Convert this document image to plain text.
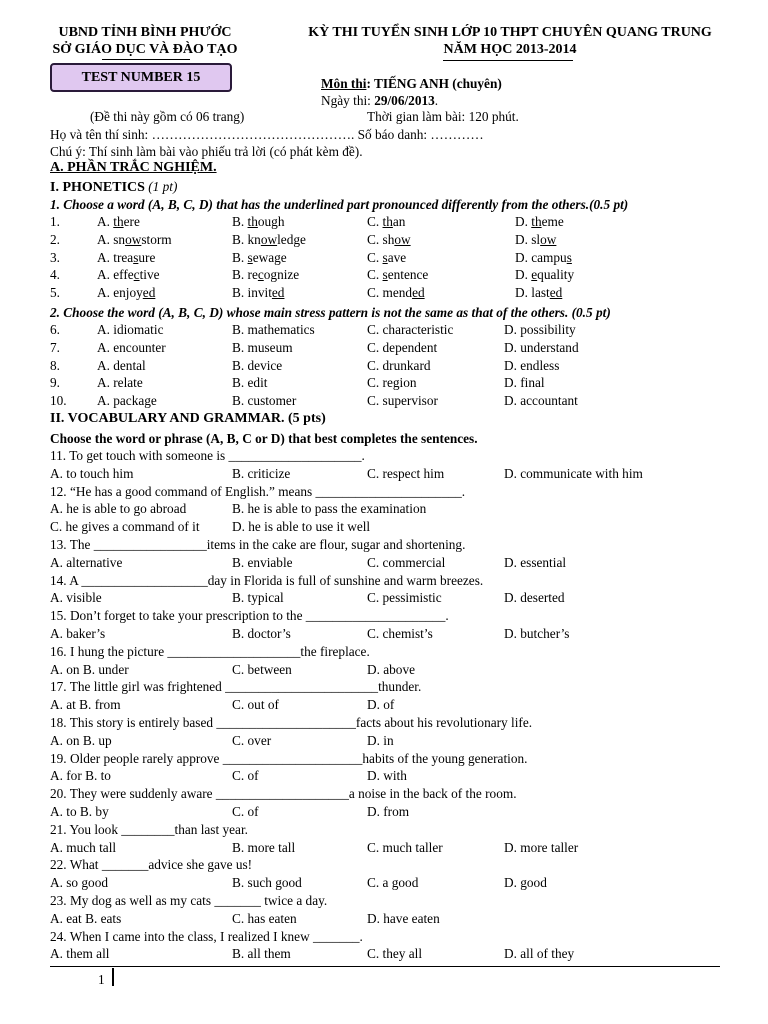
UBND TỈNH BÌNH PHƯỚC
SỞ GIÁO DỤC VÀ ĐÀO TẠO
KỲ THI TUYỂN SINH LỚP 10 THPT CHUYÊN QUANG TRUNG
NĂM HỌC 2013-2014
TEST NUMBER 15	Môn thi: TIẾNG ANH (chuyên)
Ngày thi: 29/06/2013.
(Đề thi này gồm có 06 trang)	Thời gian làm bài: 120 phút.
Họ và tên thí sinh: ………………………………………. Số báo danh: …………
Chú ý: Thí sinh làm bài vào phiếu trả lời (có phát kèm đề).
A. PHẦN TRẮC NGHIỆM.
I. PHONETICS (1 pt)
1. Choose a word (A, B, C, D) that has the underlined part pronounced differently from the others.(0.5 pt)
1.	A. there	B. though	C. than	D. theme
2.	A. snowstorm	B. knowledge	C. show	D. slow
3.	A. treasure	B. sewage	C. save	D. campus
4.	A. effective	B. recognize	C. sentence	D. equality
5.	A. enjoyed	B. invited	C. mended	D. lasted
2. Choose the word (A, B, C, D) whose main stress pattern is not the same as that of the others. (0.5 pt)
6.	A. idiomatic	B. mathematics	C. characteristic	D. possibility
7.	A. encounter	B. museum	C. dependent	D. understand
8.	A. dental	B. device	C. drunkard	D. endless
9.	A. relate	B. edit	C. region	D. final
10. A. package	B. customer	C. supervisor	D. accountant
II. VOCABULARY AND GRAMMAR. (5 pts)
Choose the word or phrase (A, B, C or D) that best completes the sentences.
11. To get touch with someone is ____________________.
A. to touch him	B. criticize	C. respect him	D. communicate with him
12. “He has a good command of English.” means ______________________.
A. he is able to go abroad	B. he is able to pass the examination
C. he gives a command of it D. he is able to use it well
13. The _________________items in the cake are flour, sugar and shortening.
A. alternative	B. enviable	C. commercial	D. essential
14. A ___________________day in Florida is full of sunshine and warm breezes.
A. visible	B. typical	C. pessimistic	D. deserted
15. Don’t forget to take your prescription to the _____________________.
A. baker’s	B. doctor’s	C. chemist’s	D. butcher’s
16. I hung the picture ____________________the fireplace.
A. on B. under	C. between	D. above
17. The little girl was frightened _______________________thunder.
A. at B. from	C. out of	D. of
18. This story is entirely based _____________________facts about his revolutionary life.
A. on B. up	C. over	D. in
19. Older people rarely approve _____________________habits of the young generation.
A. for B. to	C. of	D. with
20. They were suddenly aware ____________________a noise in the back of the room.
A. to B. by	C. of	D. from
21. You look ________than last year.
A. much tall	B. more tall	C. much taller	D. more taller
22. What _______advice she gave us!
A. so good	B. such good	C. a good	D. good
23. My dog as well as my cats _______ twice a day.
A. eat B. eats	C. has eaten	D. have eaten
24. When I came into the class, I realized I knew _______.
A. them all	B. all them	C. they all	D. all of they
1
